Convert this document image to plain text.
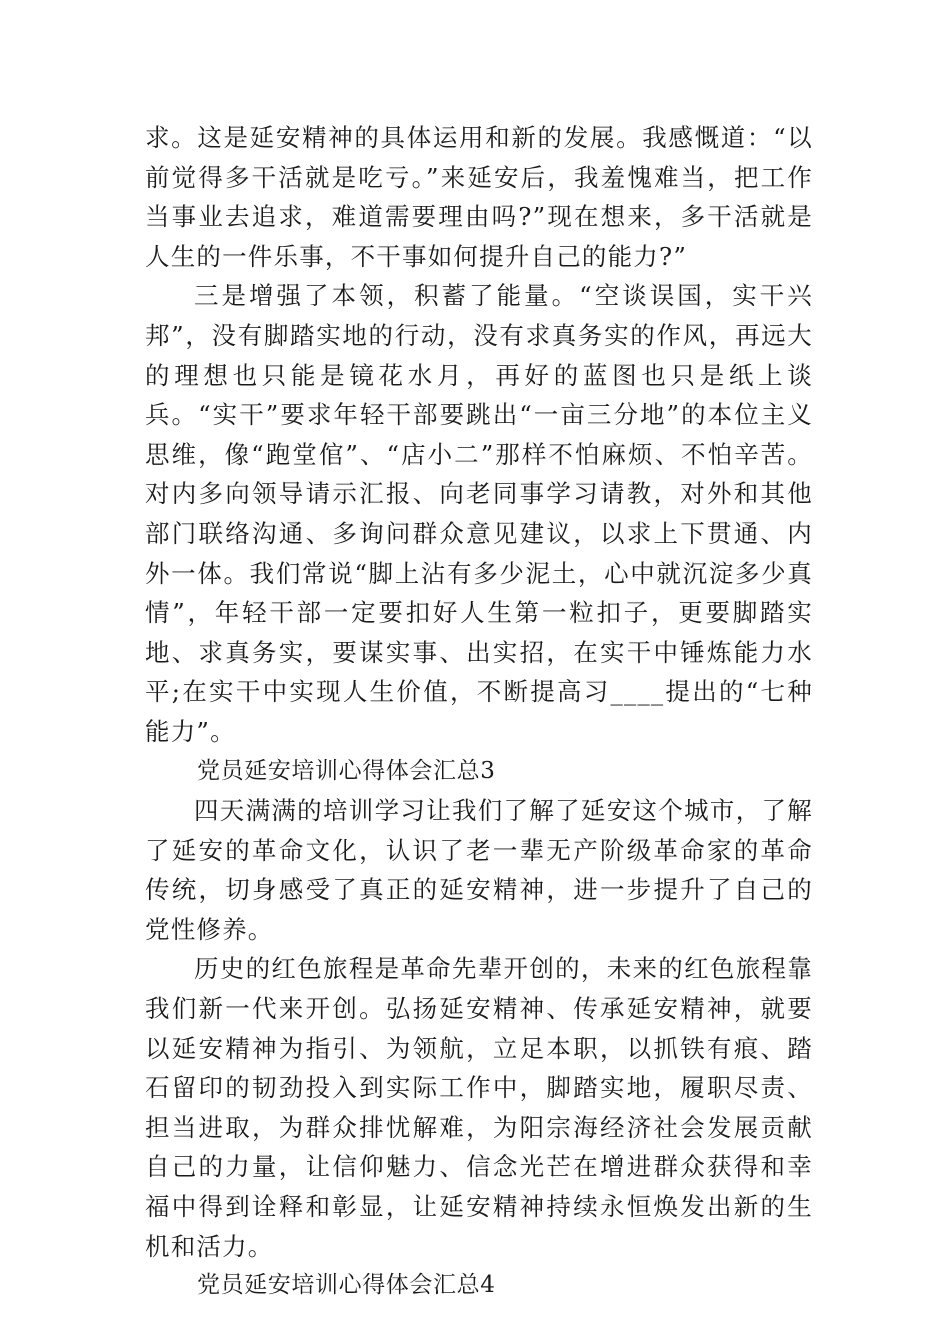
求。这是延安精神的具体运用和新的发展。我感慨道：“以前觉得多干活就是吃亏。”来延安后，我羞愧难当，把工作当事业去追求，难道需要理由吗?”现在想来，多干活就是人生的一件乐事，不干事如何提升自己的能力?”

三是增强了本领，积蓄了能量。“空谈误国，实干兴邦”，没有脚踏实地的行动，没有求真务实的作风，再远大的理想也只能是镜花水月，再好的蓝图也只是纸上谈兵。“实干”要求年轻干部要跳出“一亩三分地”的本位主义思维，像“跑堂倌”、“店小二”那样不怕麻烦、不怕辛苦。对内多向领导请示汇报、向老同事学习请教，对外和其他部门联络沟通、多询问群众意见建议，以求上下贯通、内外一体。我们常说“脚上沾有多少泥土，心中就沉淀多少真情”，年轻干部一定要扣好人生第一粒扣子，更要脚踏实地、求真务实，要谋实事、出实招，在实干中锤炼能力水平;在实干中实现人生价值，不断提高习____提出的“七种能力”。

党员延安培训心得体会汇总3

四天满满的培训学习让我们了解了延安这个城市，了解了延安的革命文化，认识了老一辈无产阶级革命家的革命传统，切身感受了真正的延安精神，进一步提升了自己的党性修养。

历史的红色旅程是革命先辈开创的，未来的红色旅程靠我们新一代来开创。弘扬延安精神、传承延安精神，就要以延安精神为指引、为领航，立足本职，以抓铁有痕、踏石留印的韧劲投入到实际工作中，脚踏实地，履职尽责、担当进取，为群众排忧解难，为阳宗海经济社会发展贡献自己的力量，让信仰魅力、信念光芒在增进群众获得和幸福中得到诠释和彰显，让延安精神持续永恒焕发出新的生机和活力。

党员延安培训心得体会汇总4
